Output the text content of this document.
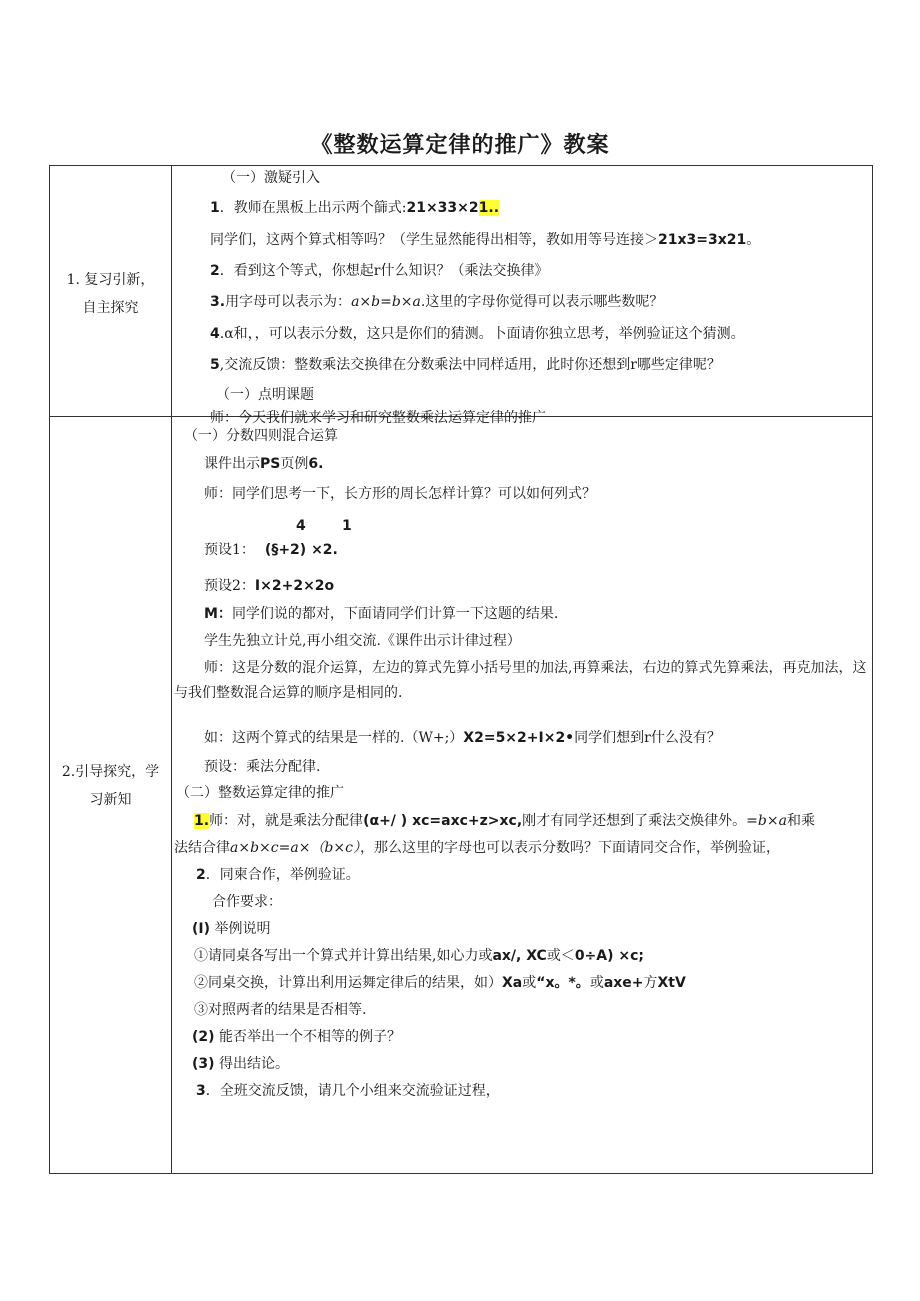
《整数运算定律的推广》教案
1. 复习引新，
自主探究
（一）激疑引入
1．教师在黑板上出示两个篩式:21×33×21..
同学们，这两个算式相等吗？（学生显然能得出相等，教如用等号连接＞21x3=3x21。
2．看到这个等式，你想起r什么知识？（乘法交换律》
3.用字母可以表示为：a×b=b×a.这里的字母你觉得可以表示哪些数呢？
4.α和，，可以表示分数，这只是你们的猜测。卜面请你独立思考，举例验证这个猜测。
5,交流反馈：整数乘法交换律在分数乘法中同样适用，此时你还想到r哪些定律呢？
（一）点明课题
师：今天我们就来学习和研究整数乘法运算定律的推广
2.引导探究，学
习新知
（一）分数四则混合运算
课件出示PS页例6.
师：同学们思考一下，长方形的周长怎样计算？可以如何列式？
4	1
预设1： (§+2) ×2.
预设2：I×2+2×2o
M：同学们说的都对，下面请同学们计算一下这题的结果.
学生先独立计兑,再小组交流.《课件出示计律过程）
师：这是分数的混介运算，左边的算式先算小括号里的加法,再算乘法，右边的算式先算乘法，再克加法，这与我们整数混合运算的顺序是相同的.
如：这两个算式的结果是一样的.（W+;）X2=5×2+I×2•同学们想到r什么没有？
预设：乘法分配律.
（二）整数运算定律的推广
1.师：对，就是乘法分配律(α+/ ) xc=axc+z>xc,刚才有同学还想到了乘法交焕律外。=b×a和乘
法结合律a×b×c=a×（b×c），那么这里的字母也可以表示分数吗？下面请同交合作，举例验证，
2．同柬合作，举例验证。
合作要求：
(I) 举例说明
①请同桌各写出一个算式并计算出结果,如心力或ax/, XC或＜0÷A) ×c;
②同桌交换，计算出利用运舞定律后的结果，如）Xa或“x。*。或axe+方XtV
③对照两者的结果是否相等.
(2) 能否举出一个不相等的例子？
(3) 得出结论。
3．全班交流反馈，请几个小组来交流验证过程，
